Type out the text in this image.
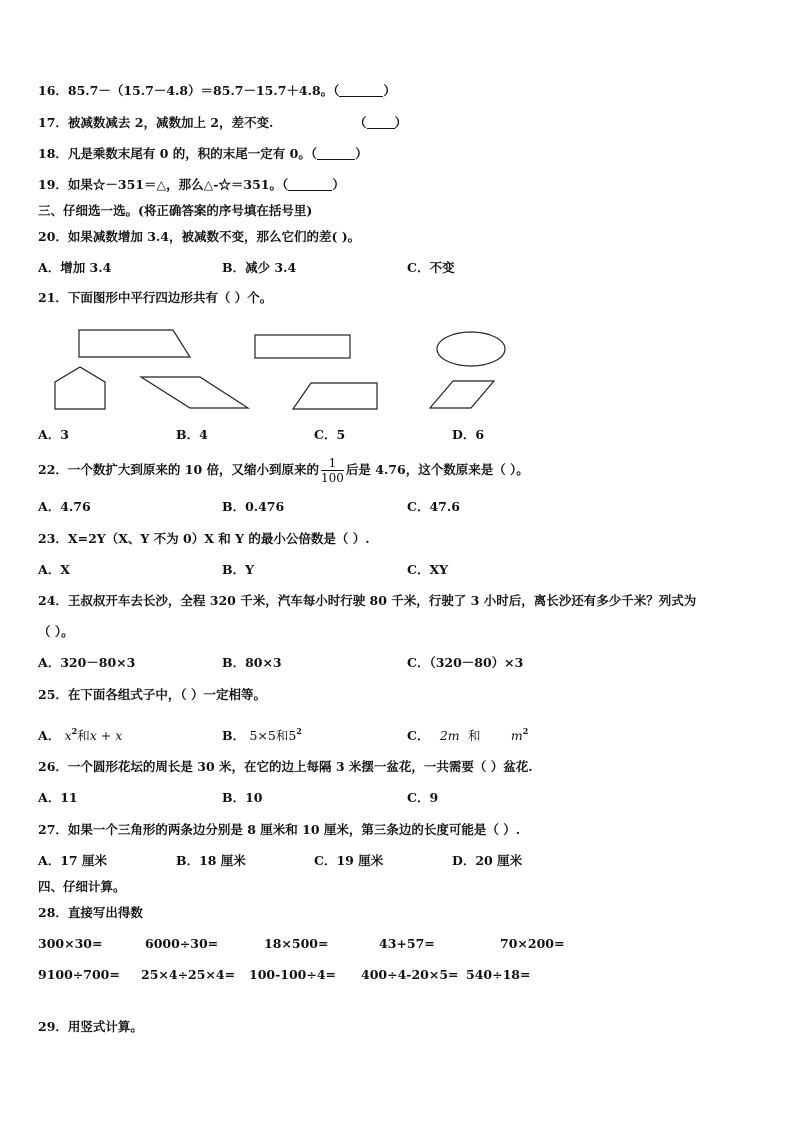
16．85.7－（15.7－4.8）＝85.7－15.7＋4.8。（	）
17．被减数减去 2，减数加上 2，差不变.	（ ）
18．凡是乘数末尾有 0 的，积的末尾一定有 0。（	）
19．如果☆－351＝△，那么△-☆＝351。（	）
三、仔细选一选。(将正确答案的序号填在括号里)
20．如果减数增加 3.4，被减数不变，那么它们的差( )。
A．增加 3.4	B．减少 3.4	C．不变
21．下面图形中平行四边形共有（ ）个。
A．3	B．4	C．5	D．6
22．一个数扩大到原来的 10 倍，又缩小到原来的 $\frac{1}{100}$ 后是 4.76，这个数原来是（ ）。
A．4.76	B．0.476	C．47.6
23．X=2Y（X、Y 不为 0）X 和 Y 的最小公倍数是（ ）.
A．X	B．Y	C．XY
24．王叔叔开车去长沙，全程 320 千米，汽车每小时行驶 80 千米，行驶了 3 小时后，离长沙还有多少千米？列式为
（ ）。
A．320－80×3	B．80×3	C．（320－80）×3
25．在下面各组式子中，（ ）一定相等。
A． $x^2$和x + x	B． 5×5和$5^2$	C． 2m 和 $m^2$
26．一个圆形花坛的周长是 30 米，在它的边上每隔 3 米摆一盆花，一共需要（ ）盆花.
A．11	B．10	C．9
27．如果一个三角形的两条边分别是 8 厘米和 10 厘米，第三条边的长度可能是（ ）.
A．17 厘米	B．18 厘米	C．19 厘米	D．20 厘米
四、仔细计算。
28．直接写出得数
300×30=	6000÷30=	18×500=	43+57=	70×200=
9100÷700= 25×4÷25×4= 100-100÷4= 400÷4-20×5= 540÷18=
29．用竖式计算。
